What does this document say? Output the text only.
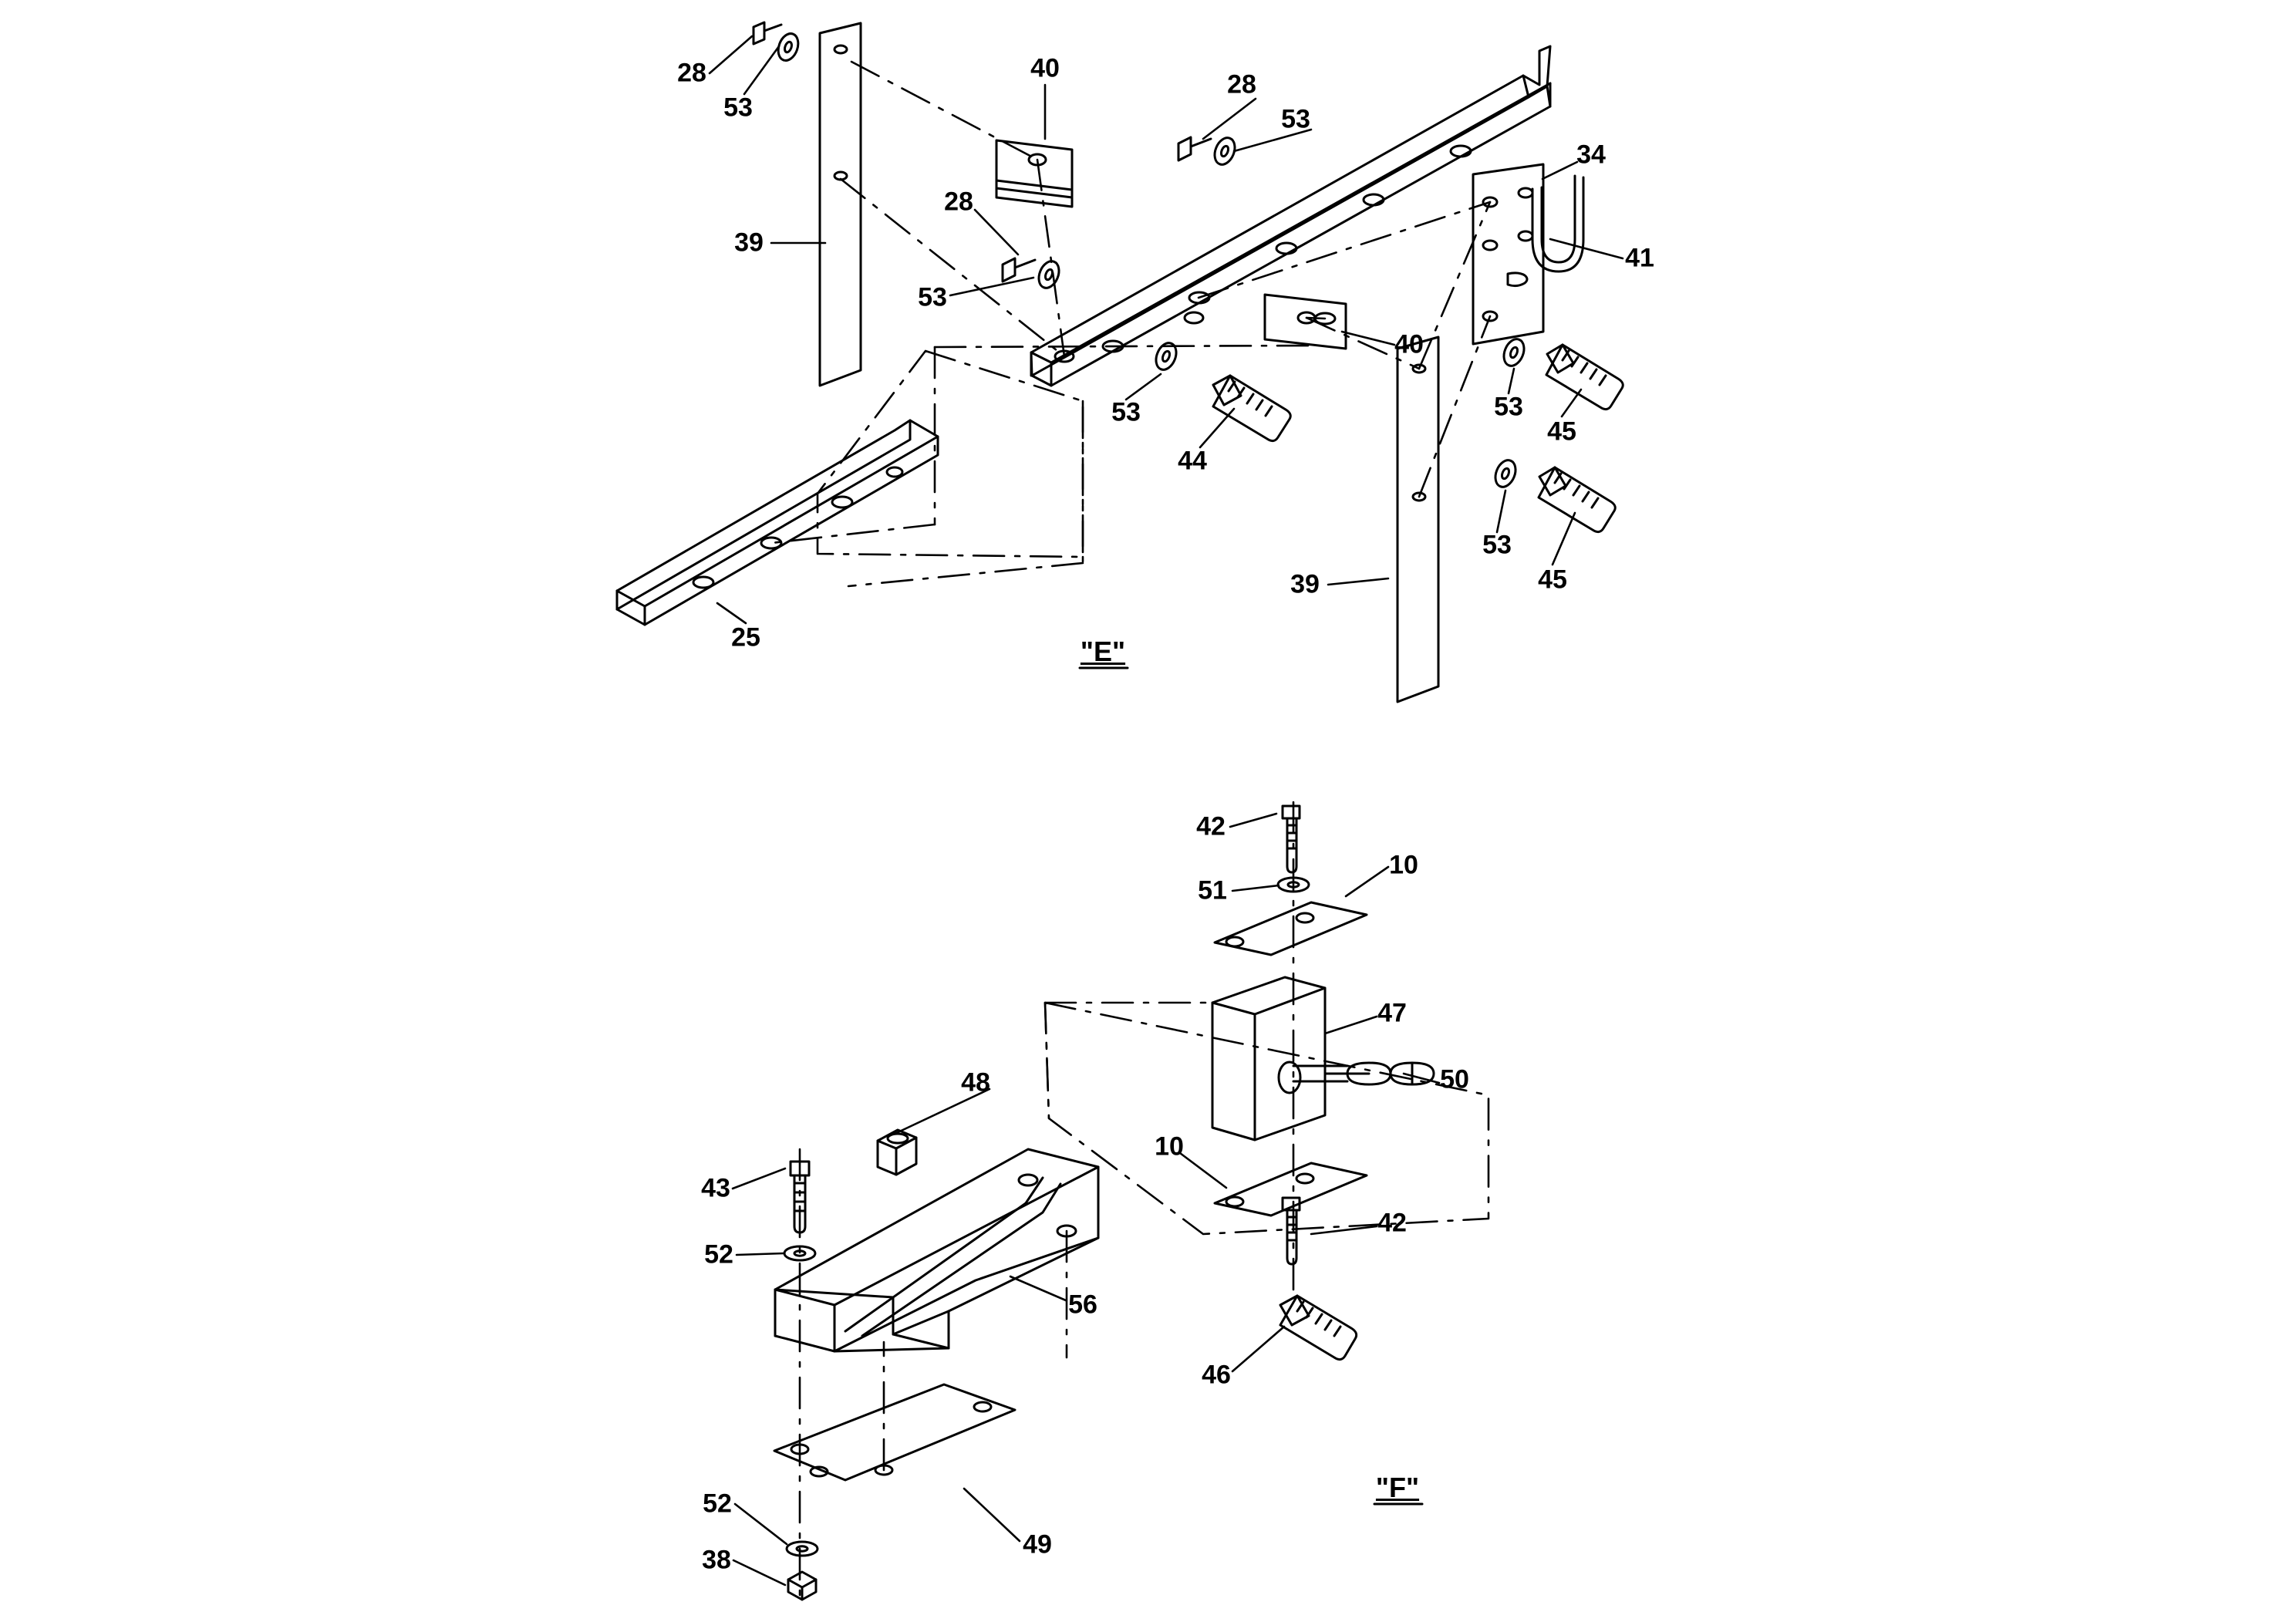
28
53
40
28
53
34
41
28
39
53
40
53
45
53
44
53
45
39
25
42
10
51
47
50
48
10
43
52
42
56
46
52
49
38
"E"
"F"
